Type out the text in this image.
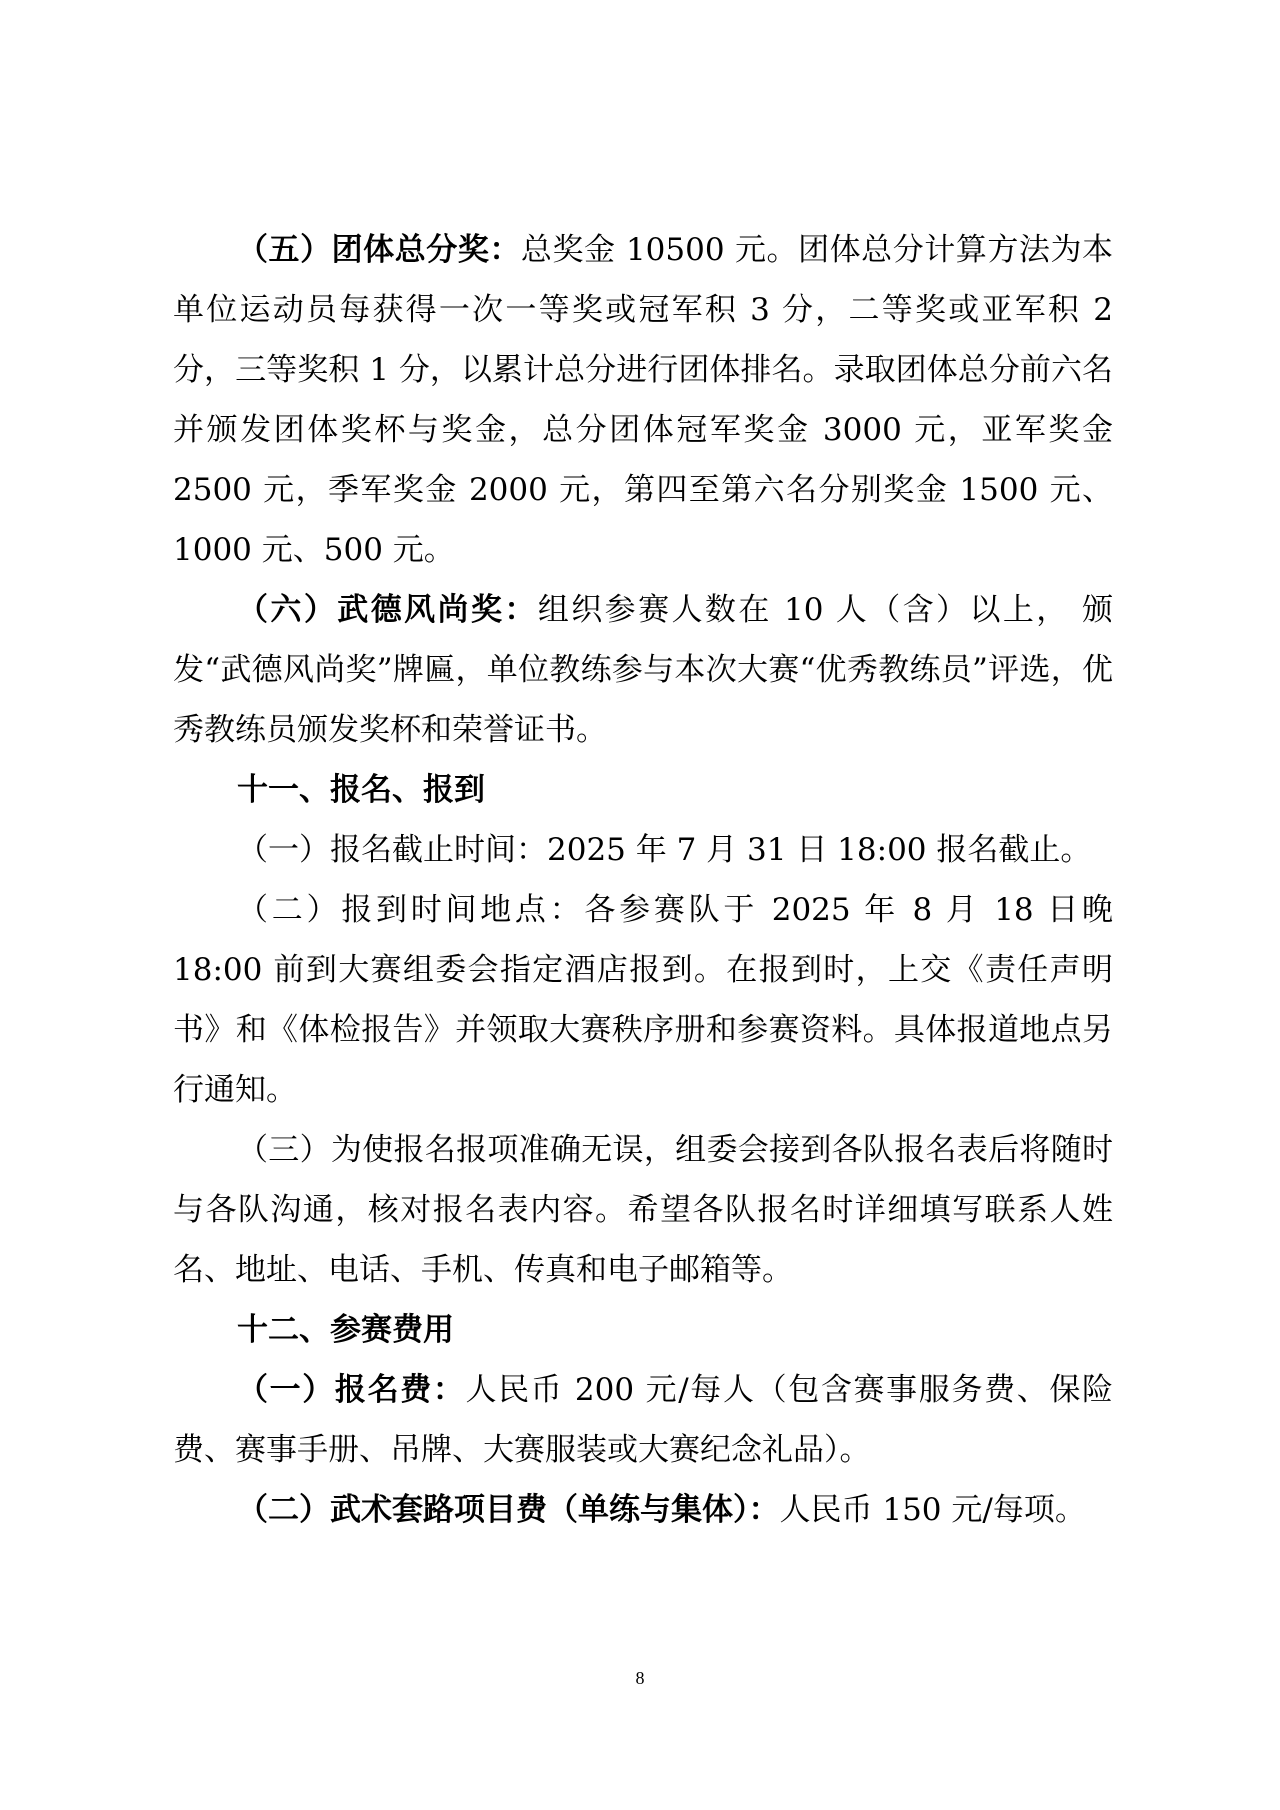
（五）团体总分奖：总奖金 10500 元。团体总分计算方法为本单位运动员每获得一次一等奖或冠军积 3 分，二等奖或亚军积 2 分，三等奖积 1 分，以累计总分进行团体排名。录取团体总分前六名并颁发团体奖杯与奖金，总分团体冠军奖金 3000 元，亚军奖金 2500 元，季军奖金 2000 元，第四至第六名分别奖金 1500 元、1000 元、500 元。

（六）武德风尚奖：组织参赛人数在 10 人（含）以上， 颁发“武德风尚奖”牌匾，单位教练参与本次大赛“优秀教练员”评选，优秀教练员颁发奖杯和荣誉证书。

十一、报名、报到

（一）报名截止时间：2025 年 7 月 31 日 18:00 报名截止。

（二）报到时间地点：各参赛队于 2025 年 8 月 18 日晚 18:00 前到大赛组委会指定酒店报到。在报到时，上交《责任声明书》和《体检报告》并领取大赛秩序册和参赛资料。具体报道地点另行通知。

（三）为使报名报项准确无误，组委会接到各队报名表后将随时与各队沟通，核对报名表内容。希望各队报名时详细填写联系人姓名、地址、电话、手机、传真和电子邮箱等。

十二、参赛费用

（一）报名费：人民币 200 元/每人（包含赛事服务费、保险费、赛事手册、吊牌、大赛服装或大赛纪念礼品）。

（二）武术套路项目费（单练与集体）：人民币 150 元/每项。

8
